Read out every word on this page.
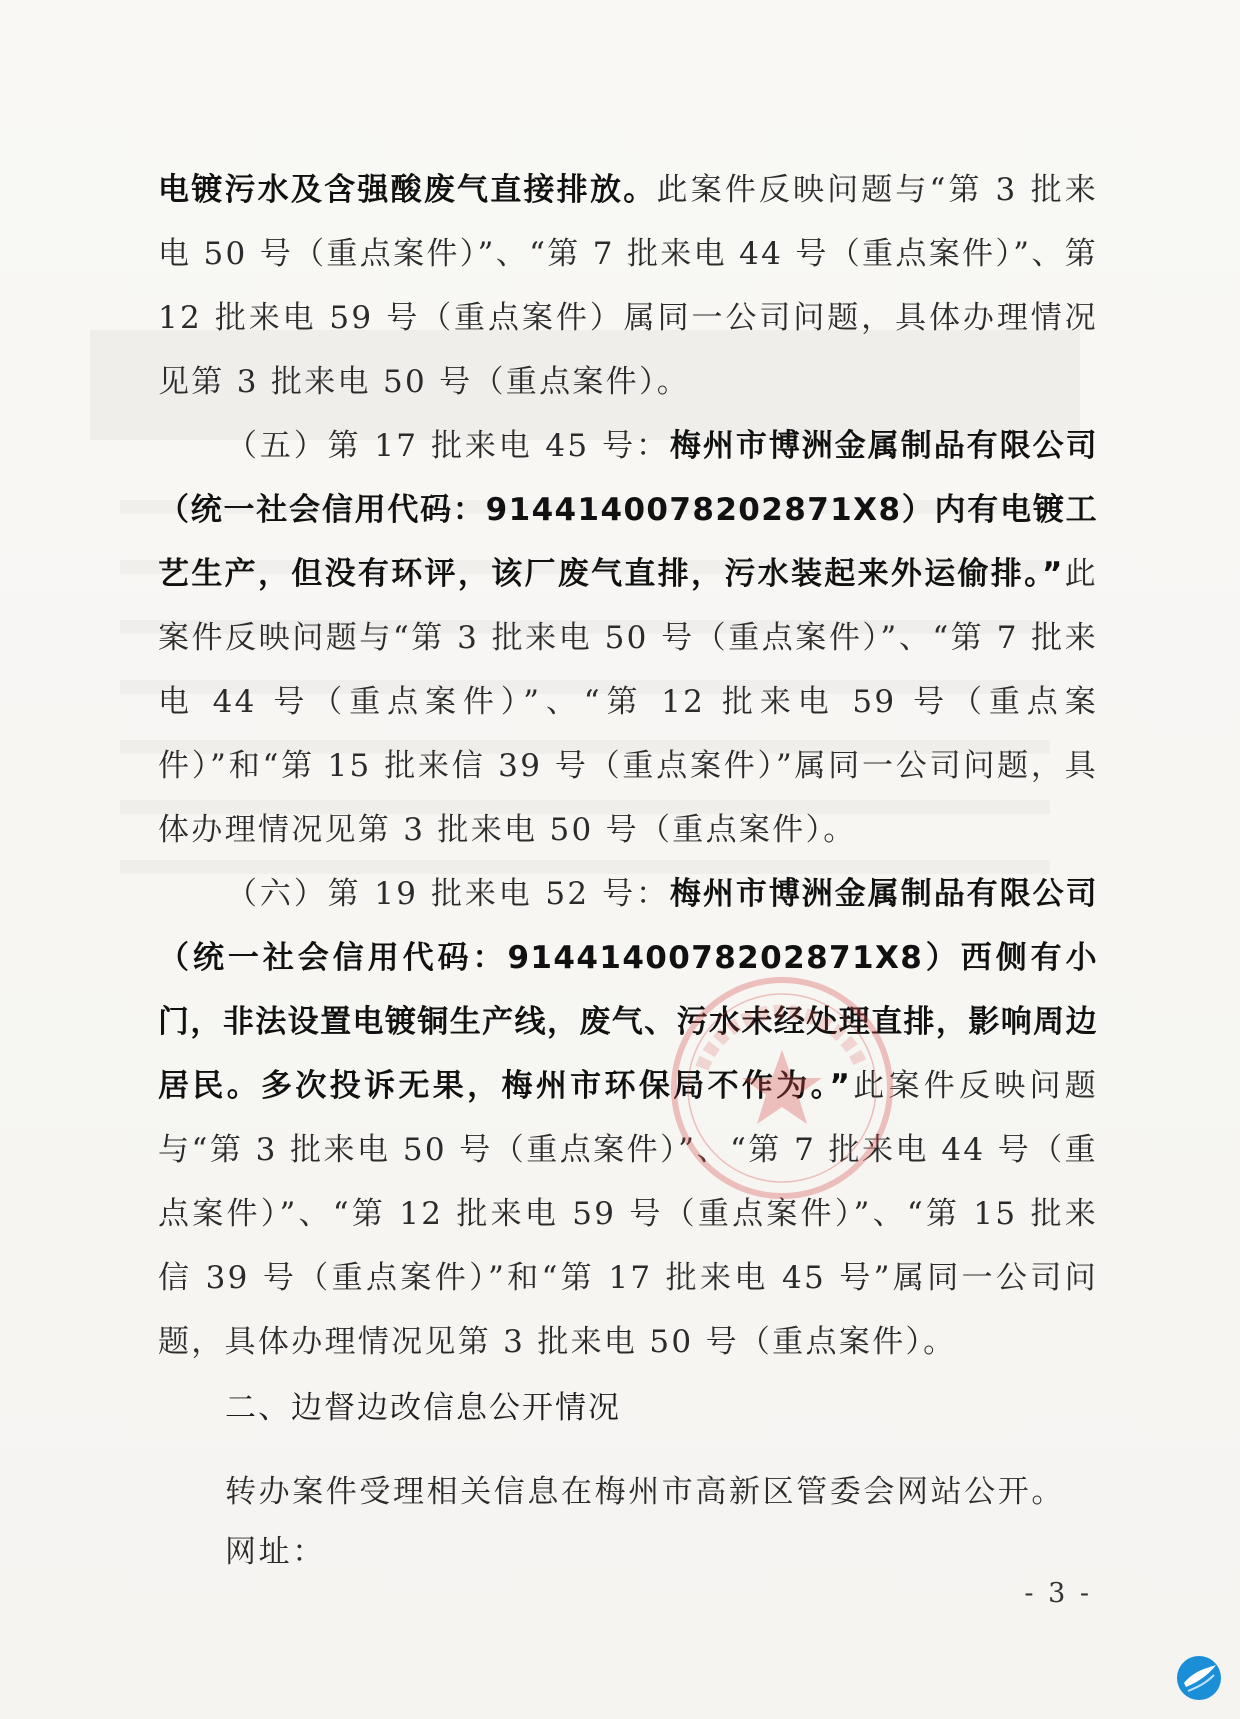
电镀污水及含强酸废气直接排放。此案件反映问题与“第 3 批来电 50 号（重点案件）”、“第 7 批来电 44 号（重点案件）”、第 12 批来电 59 号（重点案件）属同一公司问题，具体办理情况见第 3 批来电 50 号（重点案件）。

（五）第 17 批来电 45 号：梅州市博洲金属制品有限公司（统一社会信用代码：9144140078202871X8）内有电镀工艺生产，但没有环评，该厂废气直排，污水装起来外运偷排。”此案件反映问题与“第 3 批来电 50 号（重点案件）”、“第 7 批来电 44 号（重点案件）”、“第 12 批来电 59 号（重点案件）”和“第 15 批来信 39 号（重点案件）”属同一公司问题，具体办理情况见第 3 批来电 50 号（重点案件）。

（六）第 19 批来电 52 号：梅州市博洲金属制品有限公司（统一社会信用代码：9144140078202871X8）西侧有小门，非法设置电镀铜生产线，废气、污水未经处理直排，影响周边居民。多次投诉无果，梅州市环保局不作为。”此案件反映问题与“第 3 批来电 50 号（重点案件）”、“第 7 批来电 44 号（重点案件）”、“第 12 批来电 59 号（重点案件）”、“第 15 批来信 39 号（重点案件）”和“第 17 批来电 45 号”属同一公司问题，具体办理情况见第 3 批来电 50 号（重点案件）。

二、边督边改信息公开情况
转办案件受理相关信息在梅州市高新区管委会网站公开。
网址：
- 3 -
